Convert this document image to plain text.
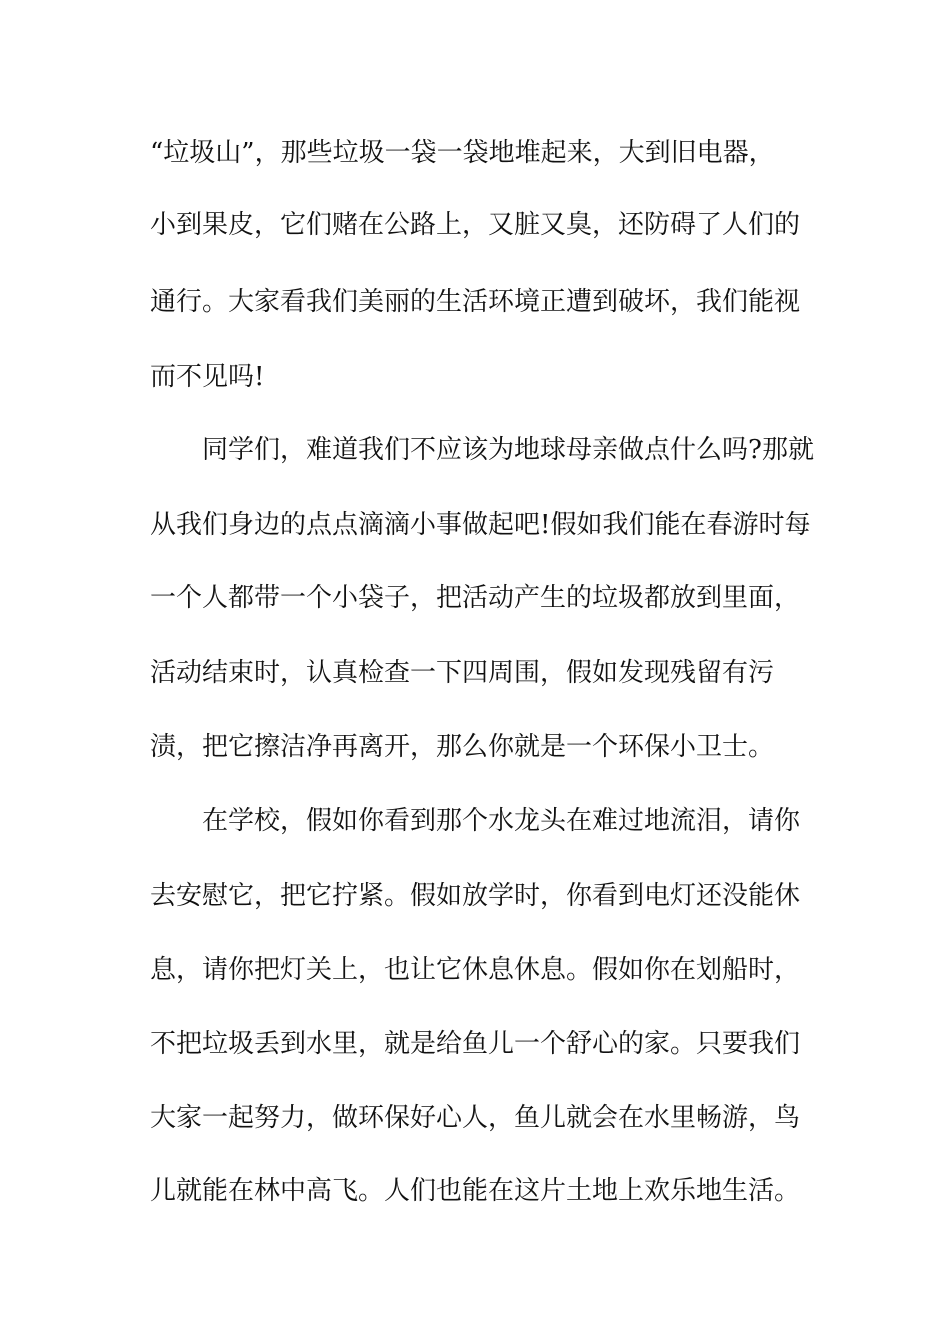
“垃圾山”，那些垃圾一袋一袋地堆起来，大到旧电器，
小到果皮，它们赌在公路上，又脏又臭，还防碍了人们的
通行。大家看我们美丽的生活环境正遭到破坏，我们能视
而不见吗!
同学们，难道我们不应该为地球母亲做点什么吗?那就
从我们身边的点点滴滴小事做起吧!假如我们能在春游时每
一个人都带一个小袋子，把活动产生的垃圾都放到里面，
活动结束时，认真检查一下四周围，假如发现残留有污
渍，把它擦洁净再离开，那么你就是一个环保小卫士。
在学校，假如你看到那个水龙头在难过地流泪，请你
去安慰它，把它拧紧。假如放学时，你看到电灯还没能休
息，请你把灯关上，也让它休息休息。假如你在划船时，
不把垃圾丢到水里，就是给鱼儿一个舒心的家。只要我们
大家一起努力，做环保好心人，鱼儿就会在水里畅游，鸟
儿就能在林中高飞。人们也能在这片土地上欢乐地生活。
